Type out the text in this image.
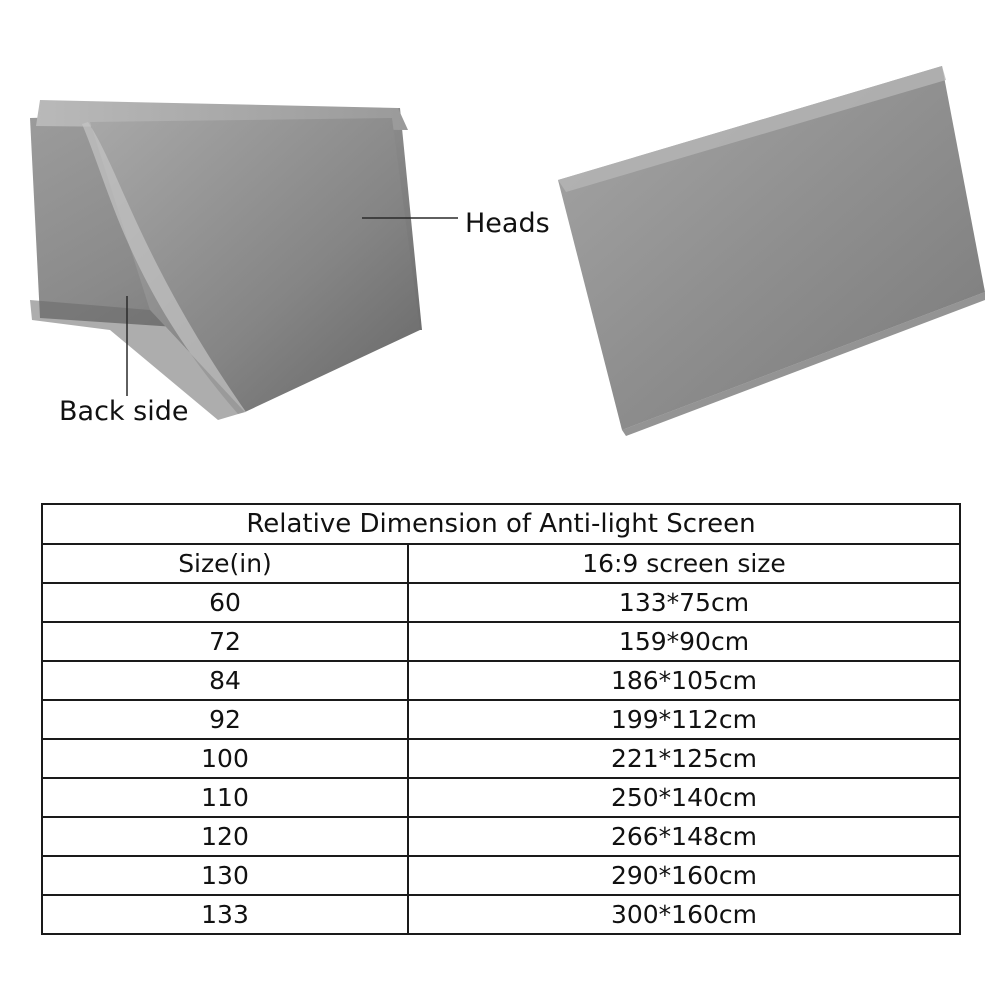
Heads
Back side
Relative Dimension of Anti-light Screen	
Size(in)	16:9 screen size
60	133*75cm
72	159*90cm
84	186*105cm
92	199*112cm
100	221*125cm
110	250*140cm
120	266*148cm
130	290*160cm
133	300*160cm
